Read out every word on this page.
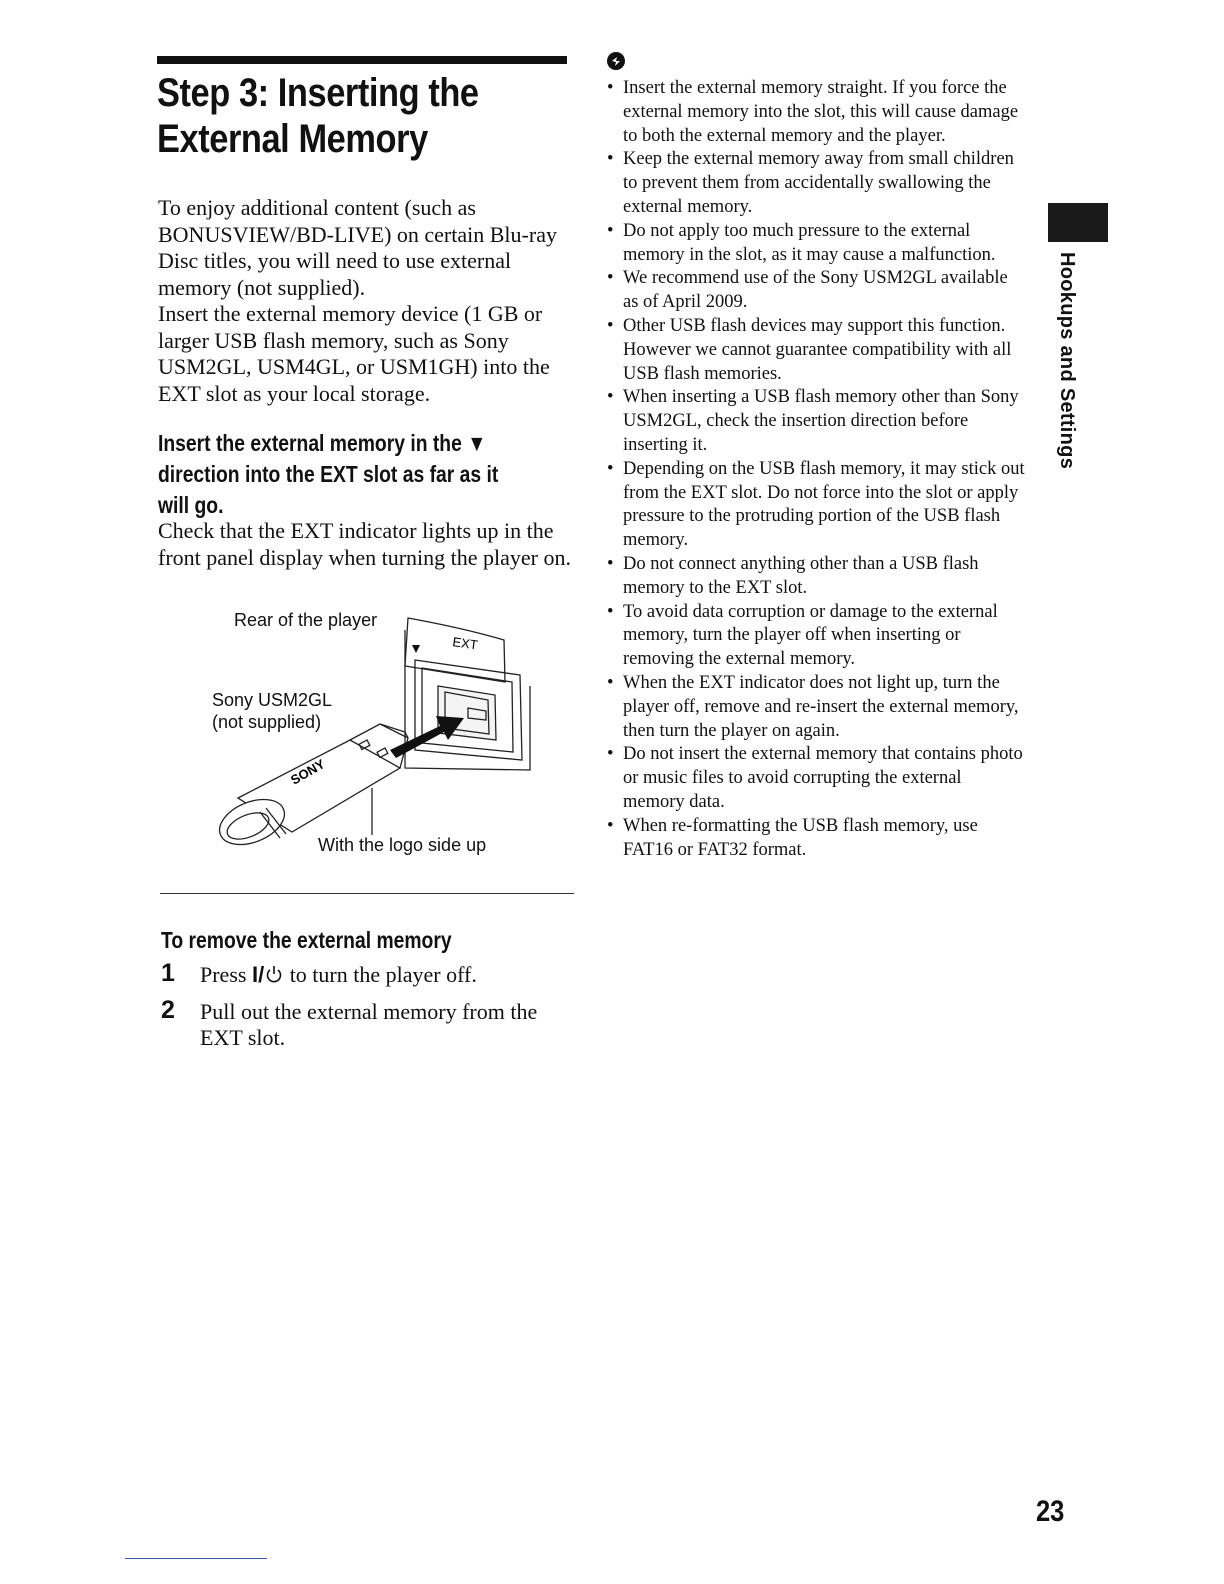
Step 3: Inserting the External Memory

To enjoy additional content (such as BONUSVIEW/BD-LIVE) on certain Blu-ray Disc titles, you will need to use external memory (not supplied).

Insert the external memory device (1 GB or larger USB flash memory, such as Sony USM2GL, USM4GL, or USM1GH) into the EXT slot as your local storage.

Insert the external memory in the ▼ direction into the EXT slot as far as it will go.

Check that the EXT indicator lights up in the front panel display when turning the player on.

EXT
SONY
Rear of the player
Sony USM2GL
(not supplied)
With the logo side up
To remove the external memory
1 Press I/ to turn the player off.
2 Pull out the external memory from the EXT slot.
• Insert the external memory straight. If you force the external memory into the slot, this will cause damage to both the external memory and the player.
• Keep the external memory away from small children to prevent them from accidentally swallowing the external memory.
• Do not apply too much pressure to the external memory in the slot, as it may cause a malfunction.
• We recommend use of the Sony USM2GL available as of April 2009.
• Other USB flash devices may support this function. However we cannot guarantee compatibility with all USB flash memories.
• When inserting a USB flash memory other than Sony USM2GL, check the insertion direction before inserting it.
• Depending on the USB flash memory, it may stick out from the EXT slot. Do not force into the slot or apply pressure to the protruding portion of the USB flash memory.
• Do not connect anything other than a USB flash memory to the EXT slot.
• To avoid data corruption or damage to the external memory, turn the player off when inserting or removing the external memory.
• When the EXT indicator does not light up, turn the player off, remove and re-insert the external memory, then turn the player on again.
• Do not insert the external memory that contains photo or music files to avoid corrupting the external memory data.
• When re-formatting the USB flash memory, use FAT16 or FAT32 format.
Hookups and Settings
23
